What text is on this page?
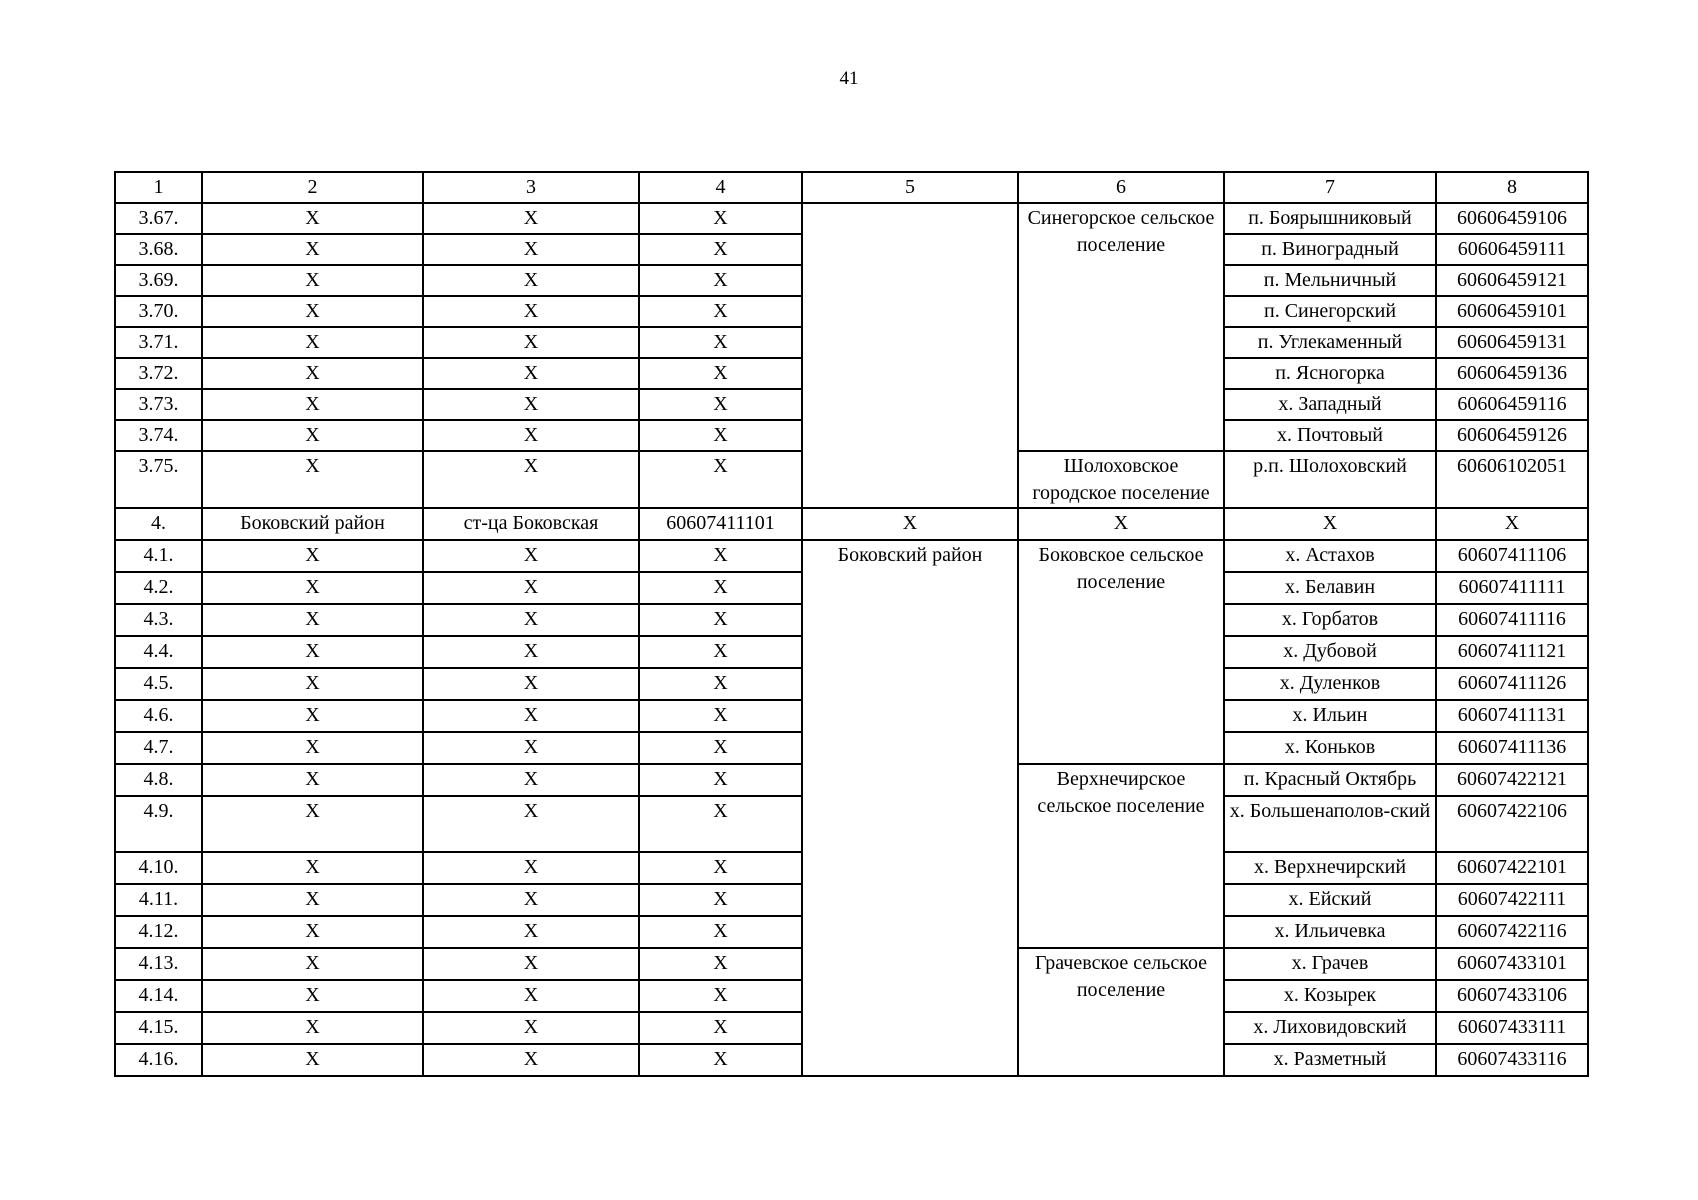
41
1	2	3	4	5	6	7	8
3.67.	Х	Х	Х		Синегорское сельское поселение	п. Боярышниковый	60606459106
3.68.	Х	Х	Х			п. Виноградный	60606459111
3.69.	Х	Х	Х			п. Мельничный	60606459121
3.70.	Х	Х	Х			п. Синегорский	60606459101
3.71.	Х	Х	Х			п. Углекаменный	60606459131
3.72.	Х	Х	Х			п. Ясногорка	60606459136
3.73.	Х	Х	Х			х. Западный	60606459116
3.74.	Х	Х	Х			х. Почтовый	60606459126
3.75.	Х	Х	Х		Шолоховское городское поселение	р.п. Шолоховский	60606102051
4.	Боковский район	ст-ца Боковская	60607411101	Х	Х	Х	Х
4.1.	Х	Х	Х	Боковский район	Боковское сельское поселение	х. Астахов	60607411106
4.2.	Х	Х	Х			х. Белавин	60607411111
4.3.	Х	Х	Х			х. Горбатов	60607411116
4.4.	Х	Х	Х			х. Дубовой	60607411121
4.5.	Х	Х	Х			х. Дуленков	60607411126
4.6.	Х	Х	Х			х. Ильин	60607411131
4.7.	Х	Х	Х			х. Коньков	60607411136
4.8.	Х	Х	Х		Верхнечирское сельское поселение	п. Красный Октябрь	60607422121
4.9.	Х	Х	Х			х. Большенаполов-ский	60607422106
4.10.	Х	Х	Х			х. Верхнечирский	60607422101
4.11.	Х	Х	Х			х. Ейский	60607422111
4.12.	Х	Х	Х			х. Ильичевка	60607422116
4.13.	Х	Х	Х		Грачевское сельское поселение	х. Грачев	60607433101
4.14.	Х	Х	Х			х. Козырек	60607433106
4.15.	Х	Х	Х			х. Лиховидовский	60607433111
4.16.	Х	Х	Х			х. Разметный	60607433116
